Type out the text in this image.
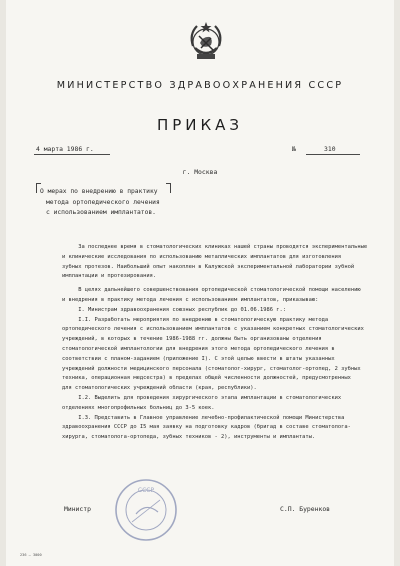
МИНИСТЕРСТВО ЗДРАВООХРАНЕНИЯ СССР
ПРИКАЗ
4 марта 1986 г.	№	310
г. Москва
О мерах по внедрению в практику
метода ортопедического лечения
с использованием имплантатов.

За последнее время в стоматологических клиниках нашей страны проводятся экспериментальные

и клинические исследования по использованию металлических имплантатов для изготовления

зубных протезов. Наибольший опыт накоплен в Калужской экспериментальной лаборатории зубной

имплантации и протезирования.

В целях дальнейшего совершенствования ортопедической стоматологической помощи населению

и внедрения в практику метода лечения с использованием имплантатов, приказываю:

I. Министрам здравоохранения союзных республик до 01.06.1986 г.:

I.I. Разработать мероприятия по внедрению в стоматологическую практику метода

ортопедического лечения с использованием имплантатов с указанием конкретных стоматологических

учреждений, в которых в течение 1986-1988 гг. должны быть организованы отделения

стоматологической имплантологии для внедрения этого метода ортопедического лечения в

соответствии с планом-заданием (приложение I). С этой целью ввести в штаты указанных

учреждений должности медицинского персонала (стоматолог-хирург, стоматолог-ортопед, 2 зубных

техника, операционная медсестра) в пределах общей численности должностей, предусмотренных

для стоматологических учреждений области (края, республики).

I.2. Выделить для проведения хирургического этапа имплантации в стоматологических

отделениях многопрофильных больниц до 3-5 коек.

I.3. Представить в Главное управление лечебно-профилактической помощи Министерства

здравоохранения СССР до I5 мая заявку на подготовку кадров (бригад в составе стоматолога-

хирурга, стоматолога-ортопеда, зубных техников - 2), инструменты и имплантаты.

СССР
Министр	С.П. Буренков
236 — 3000
